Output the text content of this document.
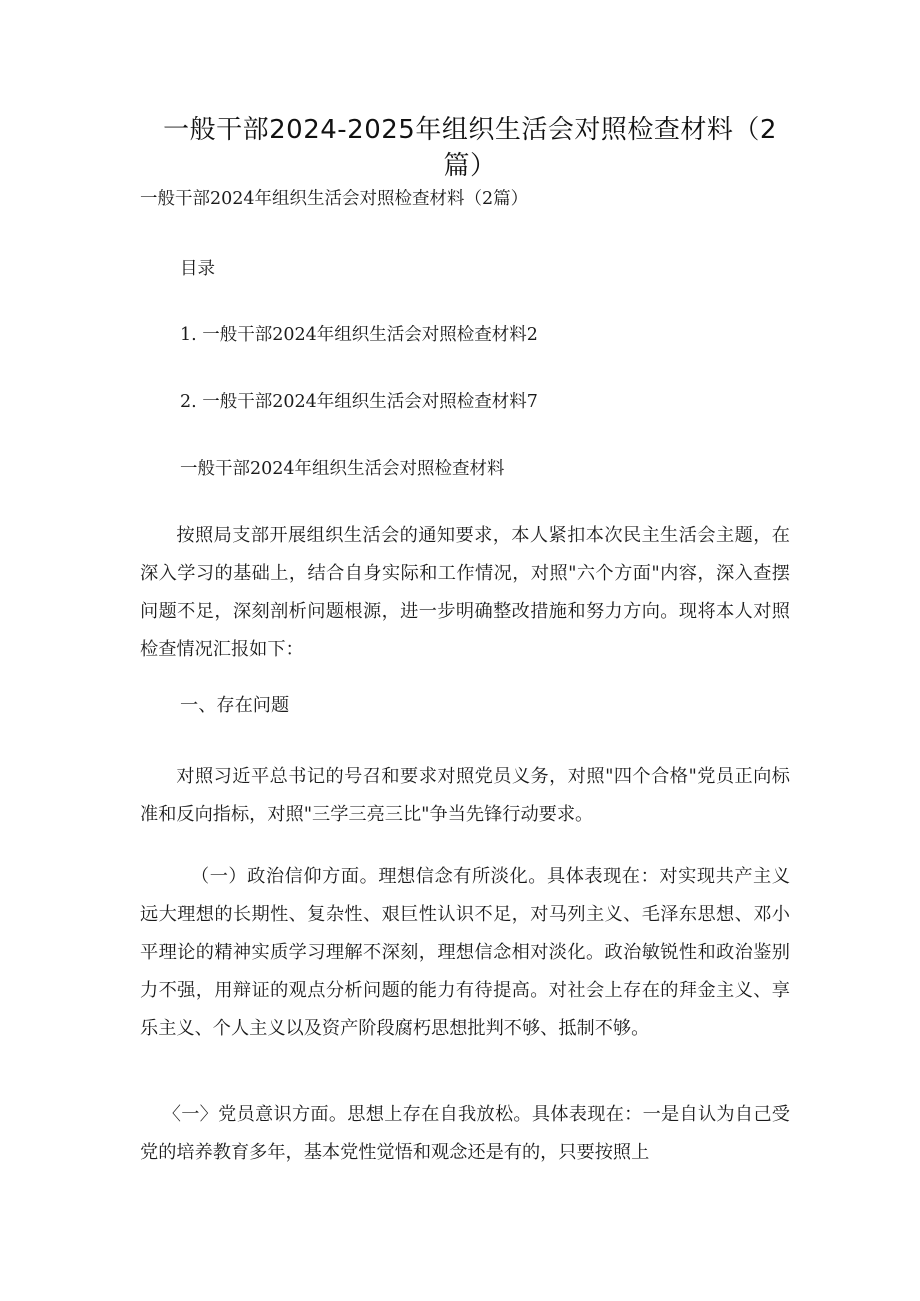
一般干部2024-2025年组织生活会对照检查材料（2篇）

一般干部2024年组织生活会对照检查材料（2篇）

目录

1. 一般干部2024年组织生活会对照检查材料2

2. 一般干部2024年组织生活会对照检查材料7

一般干部2024年组织生活会对照检查材料

按照局支部开展组织生活会的通知要求，本人紧扣本次民主生活会主题，在深入学习的基础上，结合自身实际和工作情况，对照"六个方面"内容，深入查摆问题不足，深刻剖析问题根源，进一步明确整改措施和努力方向。现将本人对照检查情况汇报如下：

一、存在问题

对照习近平总书记的号召和要求对照党员义务，对照"四个合格"党员正向标准和反向指标，对照"三学三亮三比"争当先锋行动要求。

（一）政治信仰方面。理想信念有所淡化。具体表现在：对实现共产主义远大理想的长期性、复杂性、艰巨性认识不足，对马列主义、毛泽东思想、邓小平理论的精神实质学习理解不深刻，理想信念相对淡化。政治敏锐性和政治鉴别力不强，用辩证的观点分析问题的能力有待提高。对社会上存在的拜金主义、享乐主义、个人主义以及资产阶段腐朽思想批判不够、抵制不够。

〈一〉党员意识方面。思想上存在自我放松。具体表现在：一是自认为自己受党的培养教育多年，基本党性觉悟和观念还是有的，只要按照上
